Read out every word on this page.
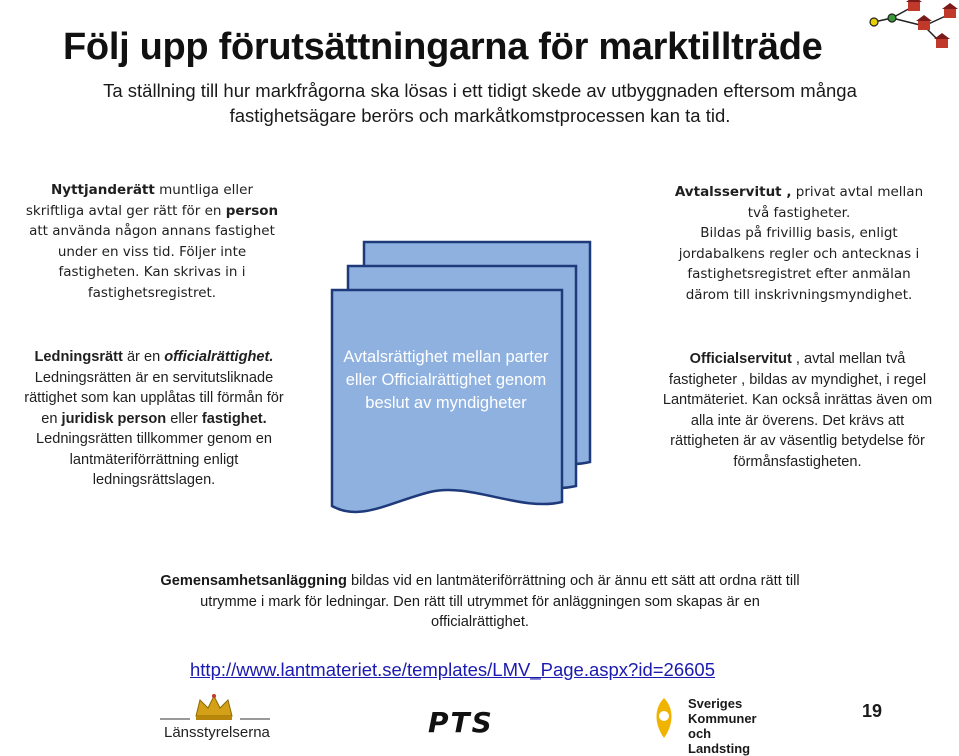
Följ upp förutsättningarna för marktillträde
Ta ställning till hur markfrågorna ska lösas i ett tidigt skede av utbyggnaden eftersom många fastighetsägare berörs och markåtkomstprocessen kan ta tid.
Nyttjanderätt muntliga eller skriftliga avtal ger rätt för en person att använda någon annans fastighet under en viss tid. Följer inte fastigheten. Kan skrivas in i fastighetsregistret.
Avtalsservitut , privat avtal mellan två fastigheter.
Bildas på frivillig basis, enligt jordabalkens regler och antecknas i fastighetsregistret efter anmälan därom till inskrivningsmyndighet.
Avtalsrättighet mellan parter eller Officialrättighet genom beslut av myndigheter
Ledningsrätt är en officialrättighet.
Ledningsrätten är en servitutsliknade rättighet som kan upplåtas till förmån för en juridisk person eller fastighet.
Ledningsrätten tillkommer genom en lantmäteriförrättning enligt ledningsrättslagen.
Officialservitut , avtal mellan två fastigheter , bildas av myndighet, i regel Lantmäteriet. Kan också inrättas även om alla inte är överens. Det krävs att rättigheten är av väsentlig betydelse för förmånsfastigheten.
Gemensamhetsanläggning bildas vid en lantmäteriförrättning och är ännu ett sätt att ordna rätt till utrymme i mark för ledningar. Den rätt till utrymmet för anläggningen som skapas är en officialrättighet.
http://www.lantmateriet.se/templates/LMV_Page.aspx?id=26605
Länsstyrelserna	PTS
Sveriges
Kommuner
och Landsting
19
